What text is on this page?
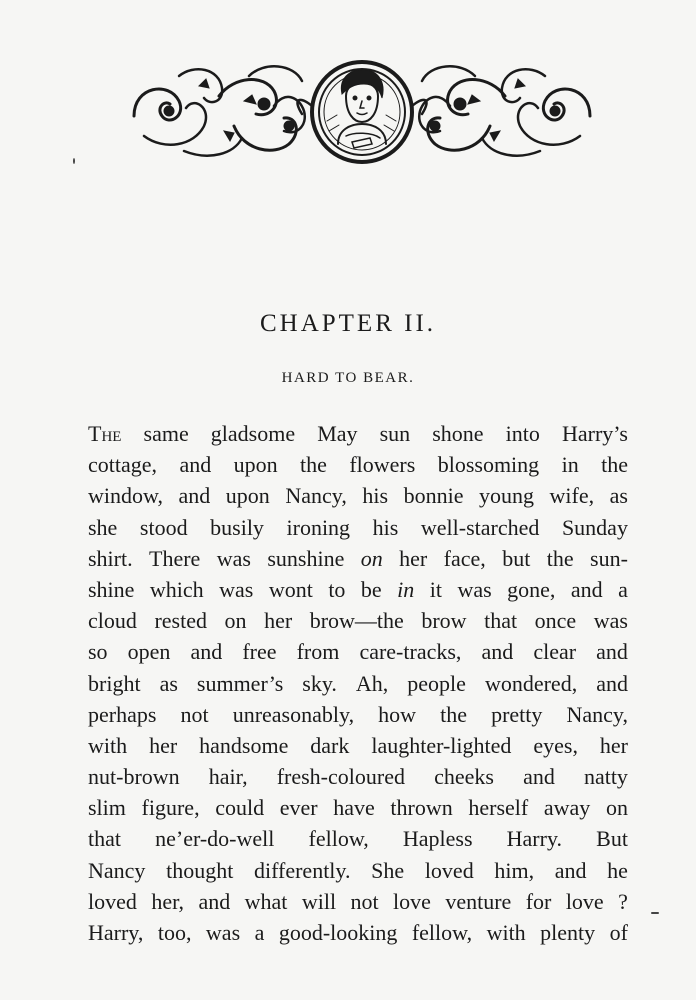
CHAPTER II.
HARD TO BEAR.
The same gladsome May sun shone into Harry’s
cottage, and upon the flowers blossoming in the
window, and upon Nancy, his bonnie young wife, as
she stood busily ironing his well-starched Sunday
shirt. There was sunshine on her face, but the sun-
shine which was wont to be in it was gone, and a
cloud rested on her brow—the brow that once was
so open and free from care-tracks, and clear and
bright as summer’s sky. Ah, people wondered, and
perhaps not unreasonably, how the pretty Nancy,
with her handsome dark laughter-lighted eyes, her
nut-brown hair, fresh-coloured cheeks and natty
slim figure, could ever have thrown herself away on
that ne’er-do-well fellow, Hapless Harry. But
Nancy thought differently. She loved him, and he
loved her, and what will not love venture for love ?
Harry, too, was a good-looking fellow, with plenty of
